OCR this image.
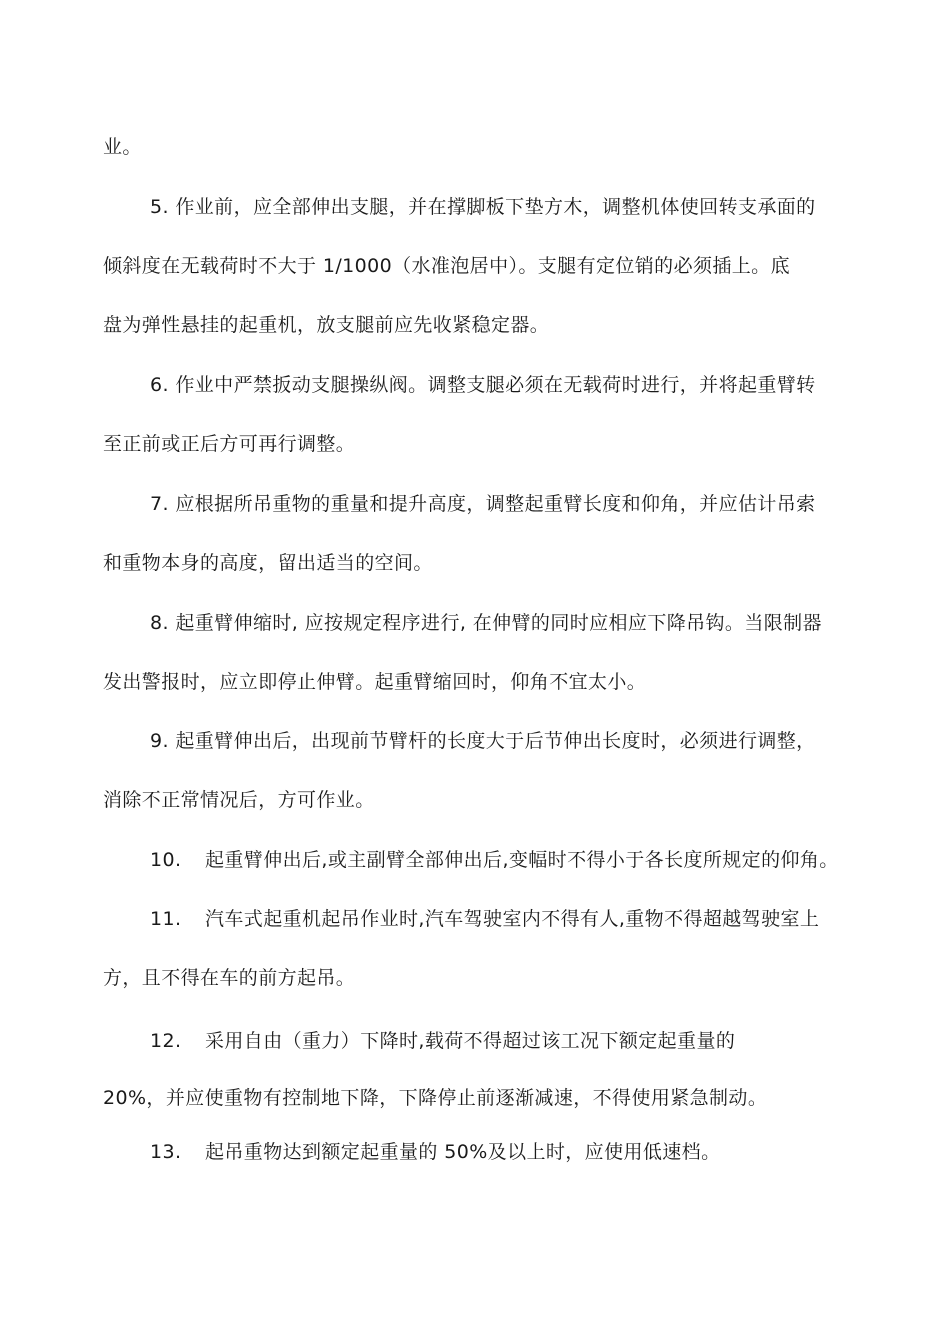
业。
5. 作业前，应全部伸出支腿，并在撑脚板下垫方木，调整机体使回转支承面的
倾斜度在无载荷时不大于 1/1000（水准泡居中）。支腿有定位销的必须插上。底
盘为弹性悬挂的起重机，放支腿前应先收紧稳定器。
6. 作业中严禁扳动支腿操纵阀。调整支腿必须在无载荷时进行，并将起重臂转
至正前或正后方可再行调整。
7. 应根据所吊重物的重量和提升高度，调整起重臂长度和仰角，并应估计吊索
和重物本身的高度，留出适当的空间。
8. 起重臂伸缩时, 应按规定程序进行, 在伸臂的同时应相应下降吊钩。当限制器
发出警报时，应立即停止伸臂。起重臂缩回时，仰角不宜太小。
9. 起重臂伸出后，出现前节臂杆的长度大于后节伸出长度时，必须进行调整，
消除不正常情况后，方可作业。
10. 起重臂伸出后,或主副臂全部伸出后,变幅时不得小于各长度所规定的仰角。
11. 汽车式起重机起吊作业时,汽车驾驶室内不得有人,重物不得超越驾驶室上
方，且不得在车的前方起吊。
12. 采用自由（重力）下降时,载荷不得超过该工况下额定起重量的
20%，并应使重物有控制地下降，下降停止前逐渐减速，不得使用紧急制动。
13. 起吊重物达到额定起重量的 50%及以上时，应使用低速档。
